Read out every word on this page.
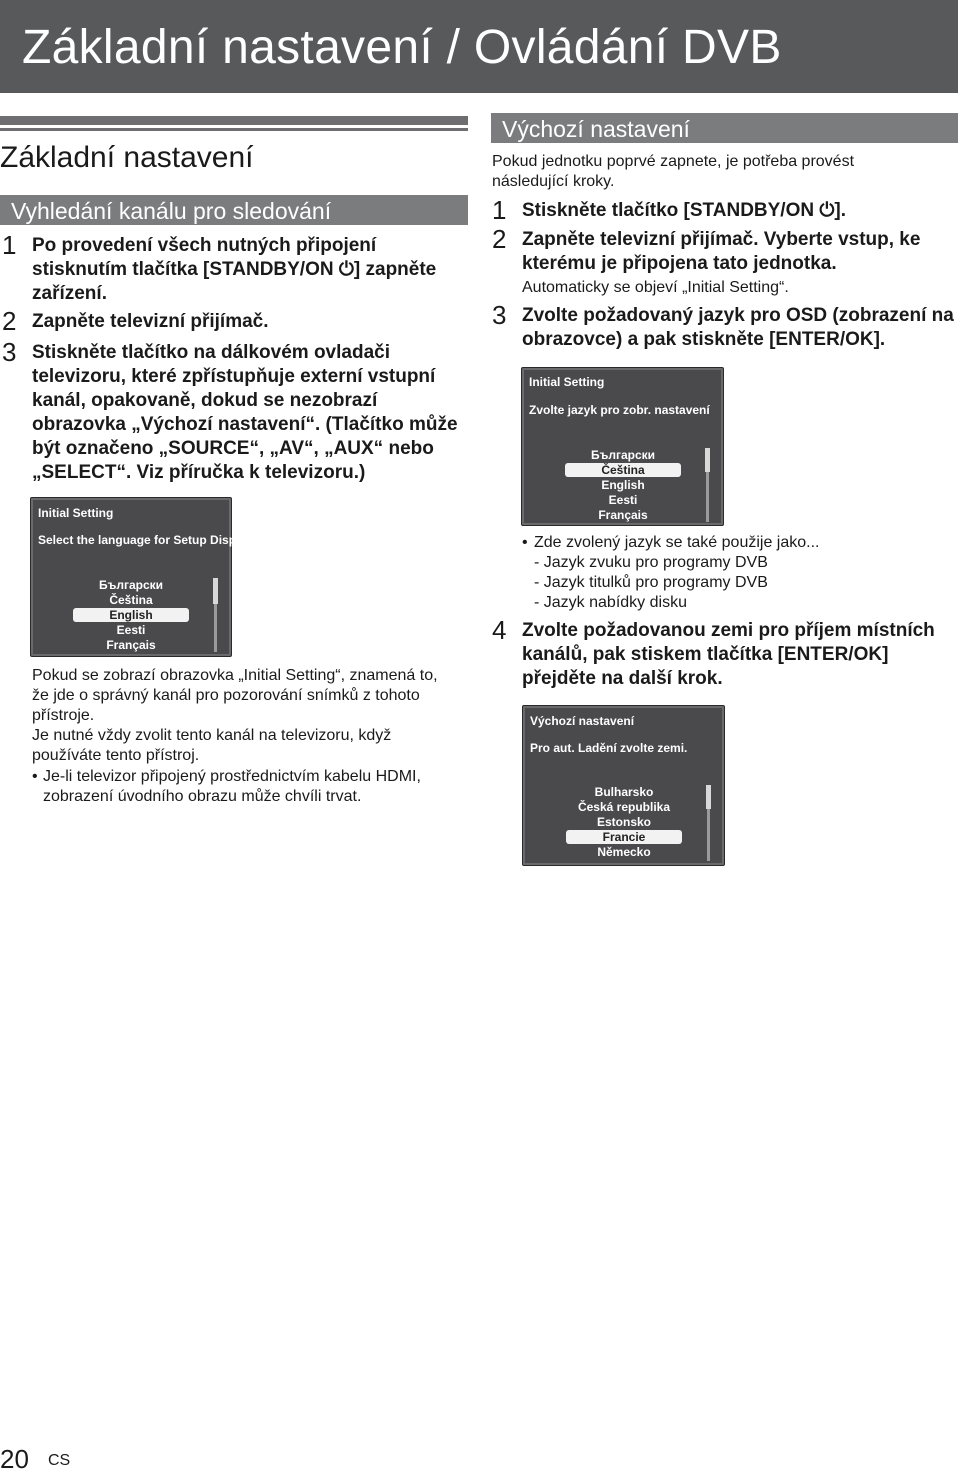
Základní nastavení / Ovládání DVB
Základní nastavení
Vyhledání kanálu pro sledování
1 Po provedení všech nutných připojení
stisknutím tlačítka [STANDBY/ON ⏻] zapněte
zařízení.
2 Zapněte televizní přijímač.
3 Stiskněte tlačítko na dálkovém ovladači
televizoru, které zpřístupňuje externí vstupní
kanál, opakovaně, dokud se nezobrazí
obrazovka „Výchozí nastavení“. (Tlačítko může
být označeno „SOURCE“, „AV“, „AUX“ nebo
„SELECT“. Viz příručka k televizoru.)
Initial Setting
Select the language for Setup Display.
Български
Čeština
English
Eesti
Français
Pokud se zobrazí obrazovka „Initial Setting“, znamená to,
že jde o správný kanál pro pozorování snímků z tohoto
přístroje.
Je nutné vždy zvolit tento kanál na televizoru, když
používáte tento přístroj.
• Je-li televizor připojený prostřednictvím kabelu HDMI,
zobrazení úvodního obrazu může chvíli trvat.
Výchozí nastavení
Pokud jednotku poprvé zapnete, je potřeba provést
následující kroky.
1 Stiskněte tlačítko [STANDBY/ON ⏻].
2 Zapněte televizní přijímač. Vyberte vstup, ke
kterému je připojena tato jednotka.
Automaticky se objeví „Initial Setting“.
3 Zvolte požadovaný jazyk pro OSD (zobrazení na
obrazovce) a pak stiskněte [ENTER/OK].
Initial Setting
Zvolte jazyk pro zobr. nastavení
Български
Čeština
English
Eesti
Français
• Zde zvolený jazyk se také použije jako...
- Jazyk zvuku pro programy DVB
- Jazyk titulků pro programy DVB
- Jazyk nabídky disku
4 Zvolte požadovanou zemi pro příjem místních
kanálů, pak stiskem tlačítka [ENTER/OK]
přejděte na další krok.
Výchozí nastavení
Pro aut. Ladění zvolte zemi.
Bulharsko
Česká republika
Estonsko
Francie
Německo
20 CS
